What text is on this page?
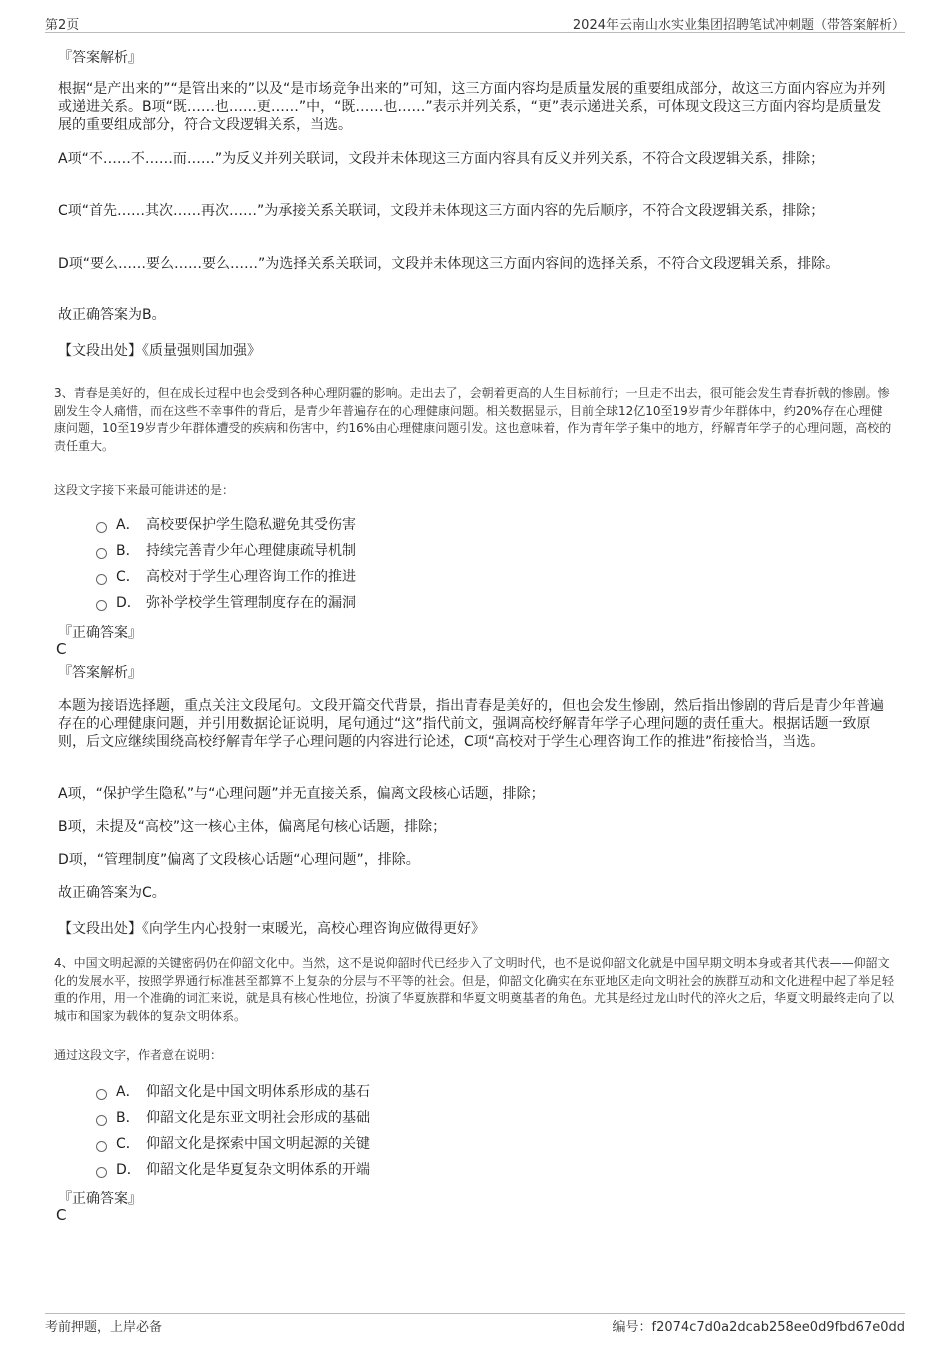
第2页	2024年云南山水实业集团招聘笔试冲刺题（带答案解析）
『答案解析』

根据“是产出来的”“是管出来的”以及“是市场竞争出来的”可知，这三方面内容均是质量发展的重要组成部分，故这三方面内容应为并列或递进关系。B项“既……也……更……”中，“既……也……”表示并列关系，“更”表示递进关系，可体现文段这三方面内容均是质量发展的重要组成部分，符合文段逻辑关系，当选。

A项“不……不……而……”为反义并列关联词，文段并未体现这三方面内容具有反义并列关系，不符合文段逻辑关系，排除；

C项“首先……其次……再次……”为承接关系关联词，文段并未体现这三方面内容的先后顺序，不符合文段逻辑关系，排除；

D项“要么……要么……要么……”为选择关系关联词，文段并未体现这三方面内容间的选择关系，不符合文段逻辑关系，排除。

故正确答案为B。

【文段出处】《质量强则国加强》

3、青春是美好的，但在成长过程中也会受到各种心理阴霾的影响。走出去了，会朝着更高的人生目标前行；一旦走不出去，很可能会发生青春折戟的惨剧。惨剧发生令人痛惜，而在这些不幸事件的背后，是青少年普遍存在的心理健康问题。相关数据显示，目前全球12亿10至19岁青少年群体中，约20%存在心理健康问题，10至19岁青少年群体遭受的疾病和伤害中，约16%由心理健康问题引发。这也意味着，作为青年学子集中的地方，纾解青年学子的心理问题，高校的责任重大。

这段文字接下来最可能讲述的是：

A． 高校要保护学生隐私避免其受伤害
B． 持续完善青少年心理健康疏导机制
C． 高校对于学生心理咨询工作的推进
D． 弥补学校学生管理制度存在的漏洞
『正确答案』
C
『答案解析』

本题为接语选择题，重点关注文段尾句。文段开篇交代背景，指出青春是美好的，但也会发生惨剧，然后指出惨剧的背后是青少年普遍存在的心理健康问题，并引用数据论证说明，尾句通过“这”指代前文，强调高校纾解青年学子心理问题的责任重大。根据话题一致原则，后文应继续围绕高校纾解青年学子心理问题的内容进行论述，C项“高校对于学生心理咨询工作的推进”衔接恰当，当选。

A项，“保护学生隐私”与“心理问题”并无直接关系，偏离文段核心话题，排除；

B项，未提及“高校”这一核心主体，偏离尾句核心话题，排除；

D项，“管理制度”偏离了文段核心话题“心理问题”，排除。

故正确答案为C。

【文段出处】《向学生内心投射一束暖光，高校心理咨询应做得更好》

4、中国文明起源的关键密码仍在仰韶文化中。当然，这不是说仰韶时代已经步入了文明时代，也不是说仰韶文化就是中国早期文明本身或者其代表——仰韶文化的发展水平，按照学界通行标准甚至都算不上复杂的分层与不平等的社会。但是，仰韶文化确实在东亚地区走向文明社会的族群互动和文化进程中起了举足轻重的作用，用一个准确的词汇来说，就是具有核心性地位，扮演了华夏族群和华夏文明奠基者的角色。尤其是经过龙山时代的淬火之后，华夏文明最终走向了以城市和国家为载体的复杂文明体系。

通过这段文字，作者意在说明：

A． 仰韶文化是中国文明体系形成的基石
B． 仰韶文化是东亚文明社会形成的基础
C． 仰韶文化是探索中国文明起源的关键
D． 仰韶文化是华夏复杂文明体系的开端
『正确答案』
C
考前押题，上岸必备	编号：f2074c7d0a2dcab258ee0d9fbd67e0dd
